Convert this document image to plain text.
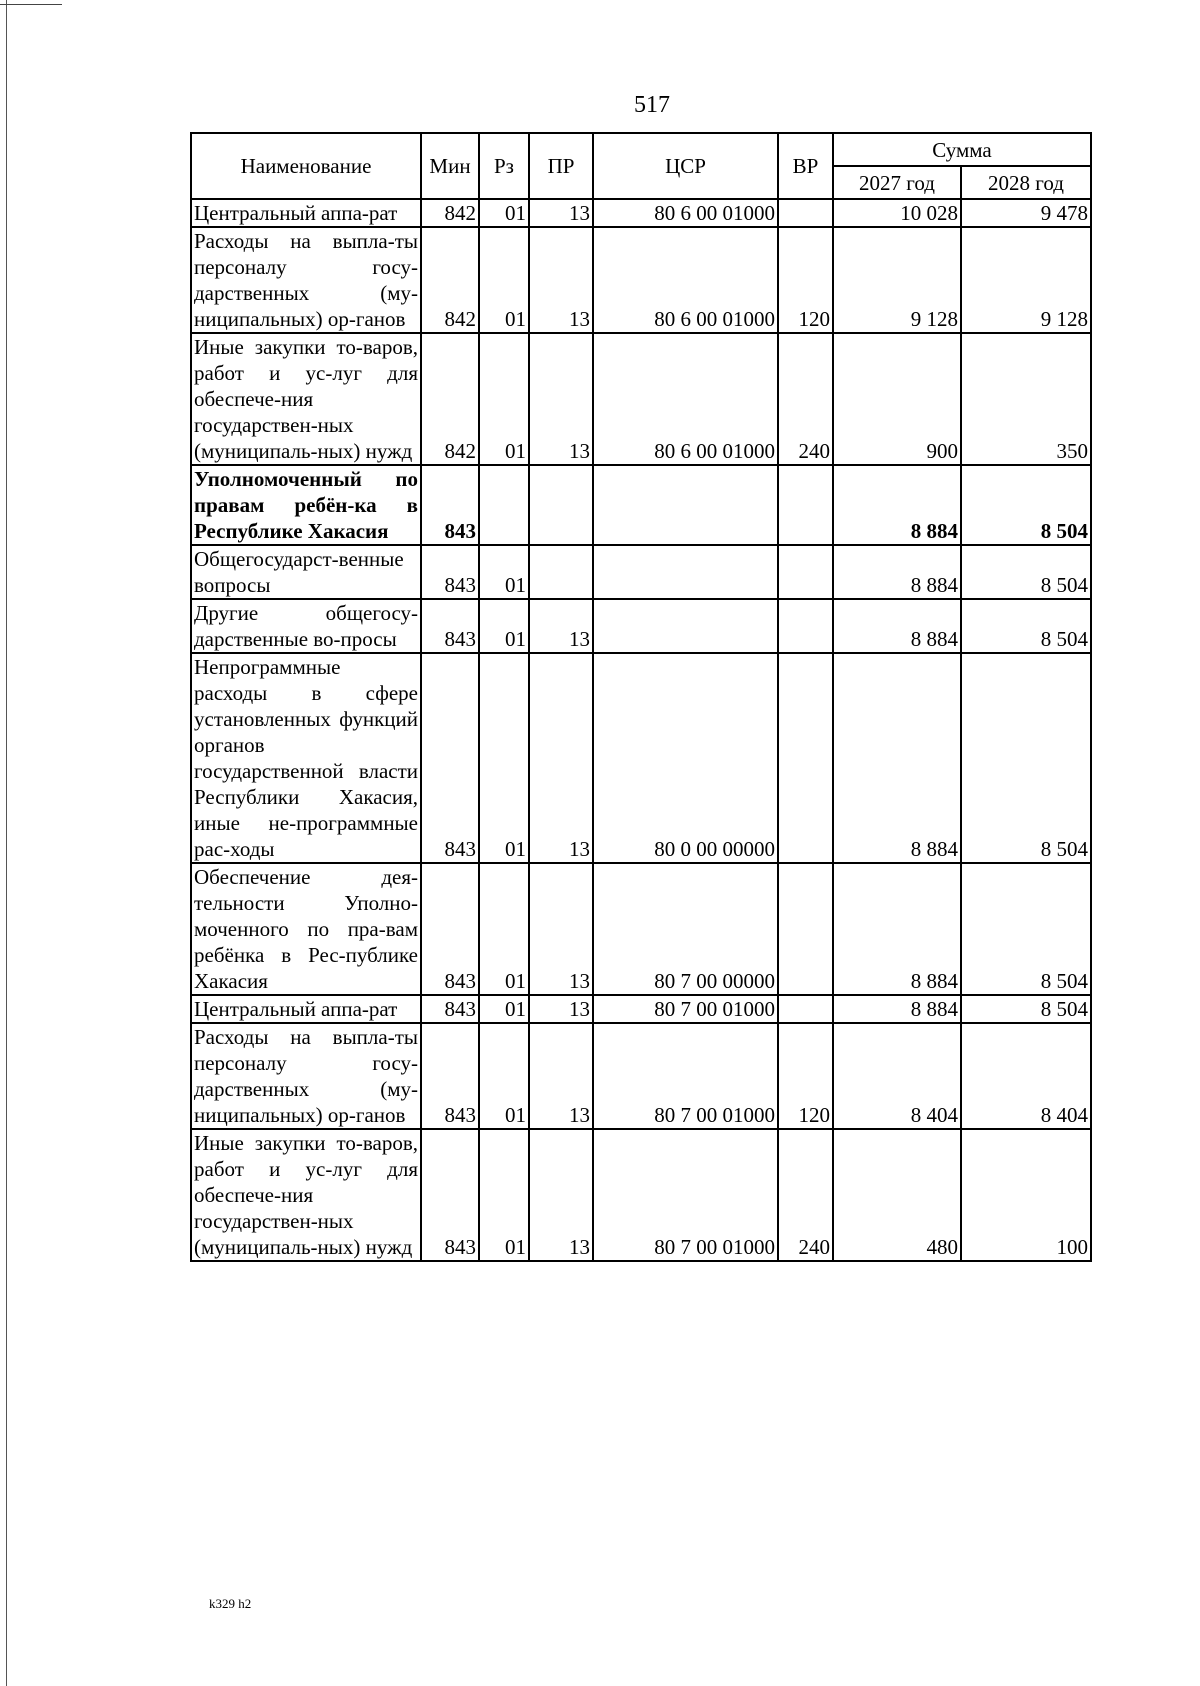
517
Наименование	Мин	Рз	ПР	ЦСР	ВР	Сумма	
						2027 год	2028 год
Центральный аппа-рат	842	01	13	80 6 00 01000		10 028	9 478
Расходы на выпла-ты персоналу госу-дарственных (му-ниципальных) ор-ганов	842	01	13	80 6 00 01000	120	9 128	9 128
Иные закупки то-варов, работ и ус-луг для обеспече-ния государствен-ных (муниципаль-ных) нужд	842	01	13	80 6 00 01000	240	900	350
Уполномоченный по правам ребён-ка в Республике Хакасия	843					8 884	8 504
Общегосударст-венные вопросы	843	01				8 884	8 504
Другие общегосу-дарственные во-просы	843	01	13			8 884	8 504
Непрограммные расходы в сфере установленных функций органов государственной власти Республики Хакасия, иные не-программные рас-ходы	843	01	13	80 0 00 00000		8 884	8 504
Обеспечение дея-тельности Уполно-моченного по пра-вам ребёнка в Рес-публике Хакасия	843	01	13	80 7 00 00000		8 884	8 504
Центральный аппа-рат	843	01	13	80 7 00 01000		8 884	8 504
Расходы на выпла-ты персоналу госу-дарственных (му-ниципальных) ор-ганов	843	01	13	80 7 00 01000	120	8 404	8 404
Иные закупки то-варов, работ и ус-луг для обеспече-ния государствен-ных (муниципаль-ных) нужд	843	01	13	80 7 00 01000	240	480	100
k329 h2
